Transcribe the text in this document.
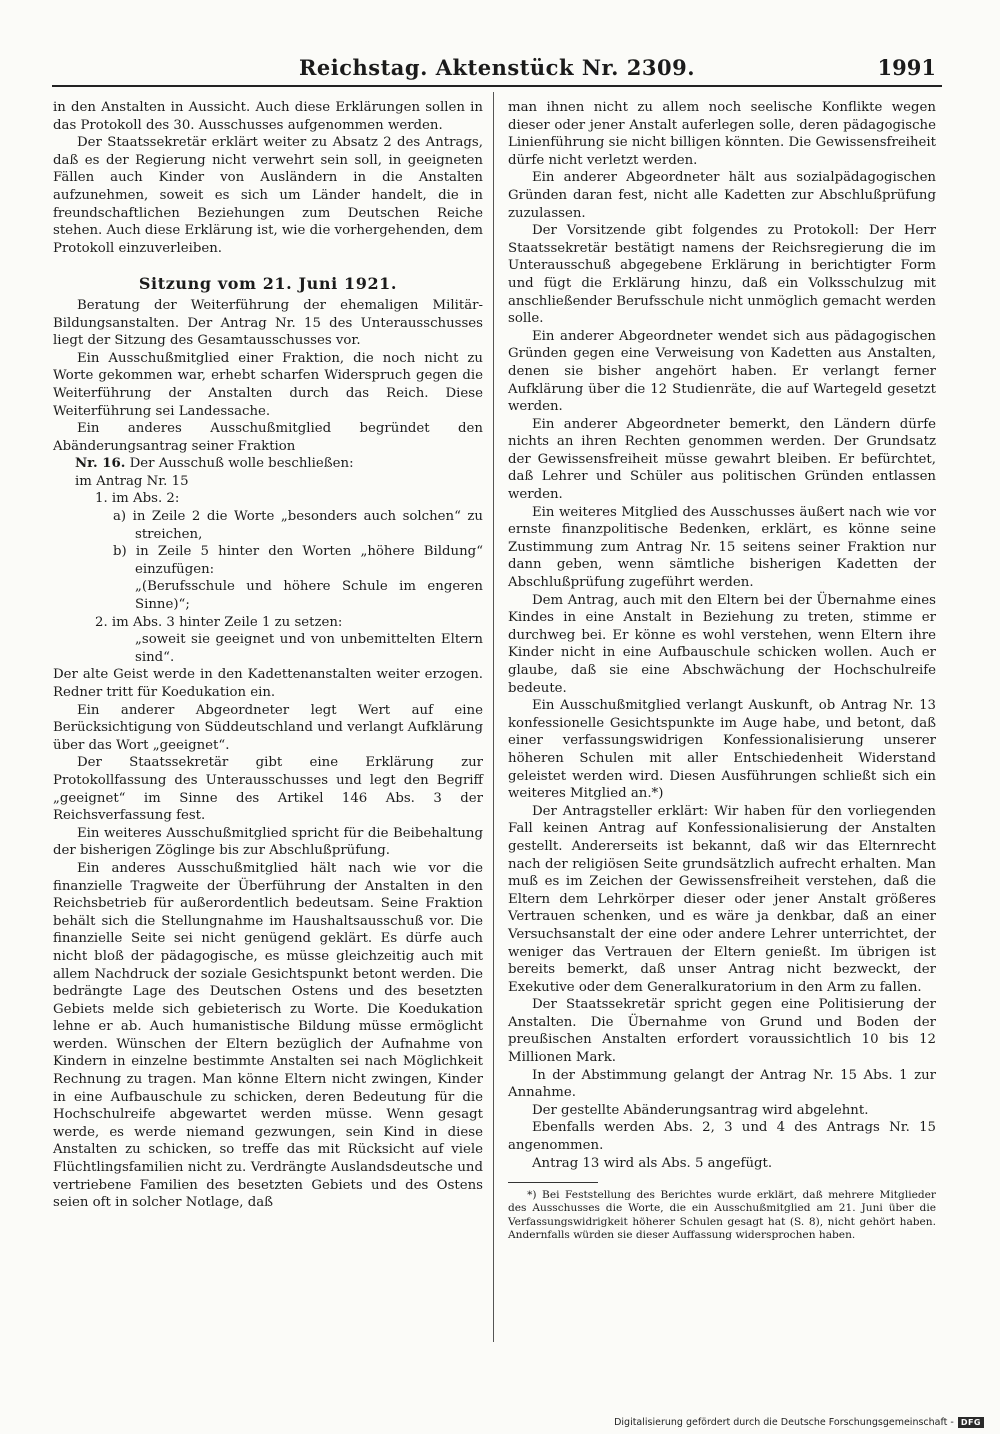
Reichstag. Aktenstück Nr. 2309.	1991

in den Anstalten in Aussicht. Auch diese Erklärungen sollen in das Protokoll des 30. Ausschusses aufgenommen werden.

Der Staatssekretär erklärt weiter zu Absatz 2 des Antrags, daß es der Regierung nicht verwehrt sein soll, in geeigneten Fällen auch Kinder von Ausländern in die Anstalten aufzunehmen, soweit es sich um Länder handelt, die in freundschaftlichen Beziehungen zum Deutschen Reiche stehen. Auch diese Erklärung ist, wie die vorhergehenden, dem Protokoll einzuverleiben.

Sitzung vom 21. Juni 1921.

Beratung der Weiterführung der ehemaligen Militär-Bildungsanstalten. Der Antrag Nr. 15 des Unterausschusses liegt der Sitzung des Gesamtausschusses vor.

Ein Ausschußmitglied einer Fraktion, die noch nicht zu Worte gekommen war, erhebt scharfen Widerspruch gegen die Weiterführung der Anstalten durch das Reich. Diese Weiterführung sei Landessache.

Ein anderes Ausschußmitglied begründet den Abänderungsantrag seiner Fraktion

Nr. 16. Der Ausschuß wolle beschließen:

im Antrag Nr. 15

1. im Abs. 2:

a) in Zeile 2 die Worte „besonders auch solchen“ zu streichen,

b) in Zeile 5 hinter den Worten „höhere Bildung“ einzufügen:

„(Berufsschule und höhere Schule im engeren Sinne)“;

2. im Abs. 3 hinter Zeile 1 zu setzen:

„soweit sie geeignet und von unbemittelten Eltern sind“.

Der alte Geist werde in den Kadettenanstalten weiter erzogen. Redner tritt für Koedukation ein.

Ein anderer Abgeordneter legt Wert auf eine Berücksichtigung von Süddeutschland und verlangt Aufklärung über das Wort „geeignet“.

Der Staatssekretär gibt eine Erklärung zur Protokollfassung des Unterausschusses und legt den Begriff „geeignet“ im Sinne des Artikel 146 Abs. 3 der Reichsverfassung fest.

Ein weiteres Ausschußmitglied spricht für die Beibehaltung der bisherigen Zöglinge bis zur Abschlußprüfung.

Ein anderes Ausschußmitglied hält nach wie vor die finanzielle Tragweite der Überführung der Anstalten in den Reichsbetrieb für außerordentlich bedeutsam. Seine Fraktion behält sich die Stellungnahme im Haushaltsausschuß vor. Die finanzielle Seite sei nicht genügend geklärt. Es dürfe auch nicht bloß der pädagogische, es müsse gleichzeitig auch mit allem Nachdruck der soziale Gesichtspunkt betont werden. Die bedrängte Lage des Deutschen Ostens und des besetzten Gebiets melde sich gebieterisch zu Worte. Die Koedukation lehne er ab. Auch humanistische Bildung müsse ermöglicht werden. Wünschen der Eltern bezüglich der Aufnahme von Kindern in einzelne bestimmte Anstalten sei nach Möglichkeit Rechnung zu tragen. Man könne Eltern nicht zwingen, Kinder in eine Aufbauschule zu schicken, deren Bedeutung für die Hochschulreife abgewartet werden müsse. Wenn gesagt werde, es werde niemand gezwungen, sein Kind in diese Anstalten zu schicken, so treffe das mit Rücksicht auf viele Flüchtlingsfamilien nicht zu. Verdrängte Auslandsdeutsche und vertriebene Familien des besetzten Gebiets und des Ostens seien oft in solcher Notlage, daß

man ihnen nicht zu allem noch seelische Konflikte wegen dieser oder jener Anstalt auferlegen solle, deren pädagogische Linienführung sie nicht billigen könnten. Die Gewissensfreiheit dürfe nicht verletzt werden.

Ein anderer Abgeordneter hält aus sozialpädagogischen Gründen daran fest, nicht alle Kadetten zur Abschlußprüfung zuzulassen.

Der Vorsitzende gibt folgendes zu Protokoll: Der Herr Staatssekretär bestätigt namens der Reichsregierung die im Unterausschuß abgegebene Erklärung in berichtigter Form und fügt die Erklärung hinzu, daß ein Volksschulzug mit anschließender Berufsschule nicht unmöglich gemacht werden solle.

Ein anderer Abgeordneter wendet sich aus pädagogischen Gründen gegen eine Verweisung von Kadetten aus Anstalten, denen sie bisher angehört haben. Er verlangt ferner Aufklärung über die 12 Studienräte, die auf Wartegeld gesetzt werden.

Ein anderer Abgeordneter bemerkt, den Ländern dürfe nichts an ihren Rechten genommen werden. Der Grundsatz der Gewissensfreiheit müsse gewahrt bleiben. Er befürchtet, daß Lehrer und Schüler aus politischen Gründen entlassen werden.

Ein weiteres Mitglied des Ausschusses äußert nach wie vor ernste finanzpolitische Bedenken, erklärt, es könne seine Zustimmung zum Antrag Nr. 15 seitens seiner Fraktion nur dann geben, wenn sämtliche bisherigen Kadetten der Abschlußprüfung zugeführt werden.

Dem Antrag, auch mit den Eltern bei der Übernahme eines Kindes in eine Anstalt in Beziehung zu treten, stimme er durchweg bei. Er könne es wohl verstehen, wenn Eltern ihre Kinder nicht in eine Aufbauschule schicken wollen. Auch er glaube, daß sie eine Abschwächung der Hochschulreife bedeute.

Ein Ausschußmitglied verlangt Auskunft, ob Antrag Nr. 13 konfessionelle Gesichtspunkte im Auge habe, und betont, daß einer verfassungswidrigen Konfessionalisierung unserer höheren Schulen mit aller Entschiedenheit Widerstand geleistet werden wird. Diesen Ausführungen schließt sich ein weiteres Mitglied an.*)

Der Antragsteller erklärt: Wir haben für den vorliegenden Fall keinen Antrag auf Konfessionalisierung der Anstalten gestellt. Andererseits ist bekannt, daß wir das Elternrecht nach der religiösen Seite grundsätzlich aufrecht erhalten. Man muß es im Zeichen der Gewissensfreiheit verstehen, daß die Eltern dem Lehrkörper dieser oder jener Anstalt größeres Vertrauen schenken, und es wäre ja denkbar, daß an einer Versuchsanstalt der eine oder andere Lehrer unterrichtet, der weniger das Vertrauen der Eltern genießt. Im übrigen ist bereits bemerkt, daß unser Antrag nicht bezweckt, der Exekutive oder dem Generalkuratorium in den Arm zu fallen.

Der Staatssekretär spricht gegen eine Politisierung der Anstalten. Die Übernahme von Grund und Boden der preußischen Anstalten erfordert voraussichtlich 10 bis 12 Millionen Mark.

In der Abstimmung gelangt der Antrag Nr. 15 Abs. 1 zur Annahme.

Der gestellte Abänderungsantrag wird abgelehnt.

Ebenfalls werden Abs. 2, 3 und 4 des Antrags Nr. 15 angenommen.

Antrag 13 wird als Abs. 5 angefügt.

*) Bei Feststellung des Berichtes wurde erklärt, daß mehrere Mitglieder des Ausschusses die Worte, die ein Ausschußmitglied am 21. Juni über die Verfassungswidrigkeit höherer Schulen gesagt hat (S. 8), nicht gehört haben. Andernfalls würden sie dieser Auffassung widersprochen haben.

Digitalisierung gefördert durch die Deutsche Forschungsgemeinschaft - DFG
